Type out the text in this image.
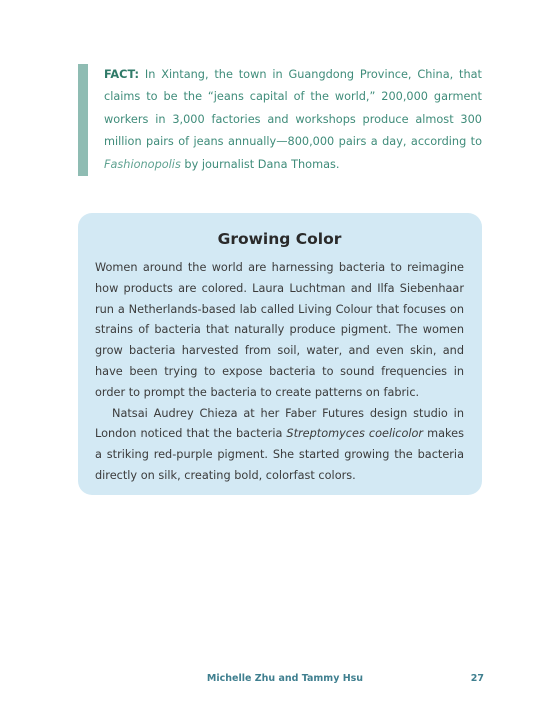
FACT: In Xintang, the town in Guangdong Province, China, that claims to be the “jeans capital of the world,” 200,000 garment workers in 3,000 factories and workshops produce almost 300 million pairs of jeans annually—800,000 pairs a day, according to Fashionopolis by journalist Dana Thomas.

Growing Color

Women around the world are harnessing bacteria to reimagine how products are colored. Laura Luchtman and Ilfa Siebenhaar run a Netherlands-based lab called Living Colour that focuses on strains of bacteria that naturally produce pigment. The women grow bacteria harvested from soil, water, and even skin, and have been trying to expose bacteria to sound frequencies in order to prompt the bacteria to create patterns on fabric.

Natsai Audrey Chieza at her Faber Futures design studio in London noticed that the bacteria Streptomyces coelicolor makes a striking red-purple pigment. She started growing the bacteria directly on silk, creating bold, colorfast colors.

Michelle Zhu and Tammy Hsu	27
